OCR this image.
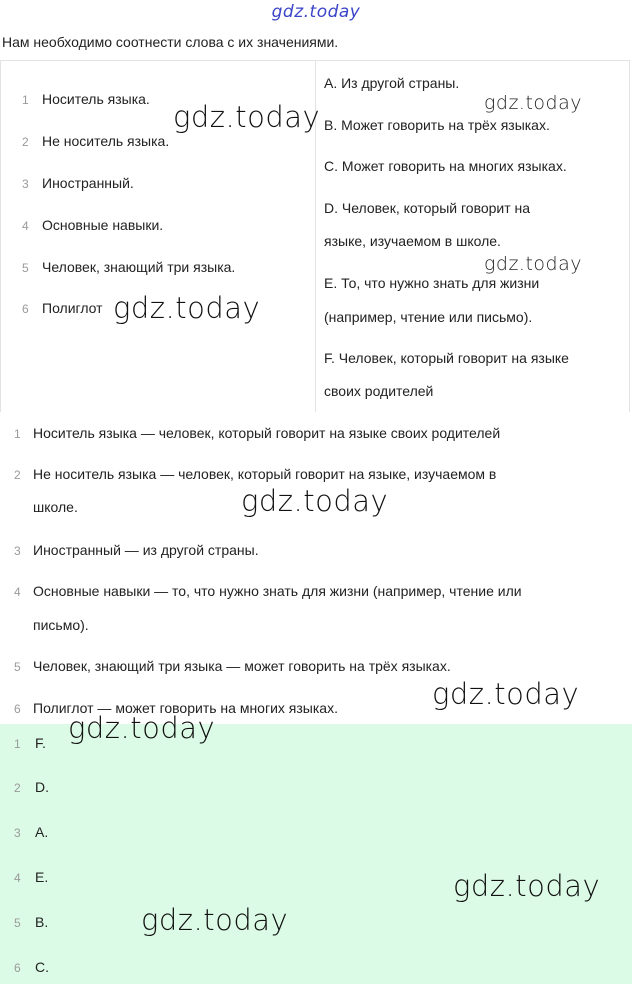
gdz.today
Нам необходимо соотнести слова с их значениями.
1 Носитель языка.
2 Не носитель языка.
3 Иностранный.
4 Основные навыки.
5 Человек, знающий три языка.
6 Полиглот
A. Из другой страны.
B. Может говорить на трёх языках.
C. Может говорить на многих языках.
D. Человек, который говорит на
языке, изучаемом в школе.
E. То, что нужно знать для жизни
(например, чтение или письмо).
F. Человек, который говорит на языке
своих родителей
1 Носитель языка — человек, который говорит на языке своих родителей
2 Не носитель языка — человек, который говорит на языке, изучаемом в
школе.
3 Иностранный — из другой страны.
4 Основные навыки — то, что нужно знать для жизни (например, чтение или
письмо).
5 Человек, знающий три языка — может говорить на трёх языках.
6 Полиглот — может говорить на многих языках.
1 F.
2 D.
3 A.
4 E.
5 B.
6 C.
gdz.today	gdz.today
gdz.today
gdz.today
gdz.today
gdz.today
gdz.today
gdz.today
gdz.today
